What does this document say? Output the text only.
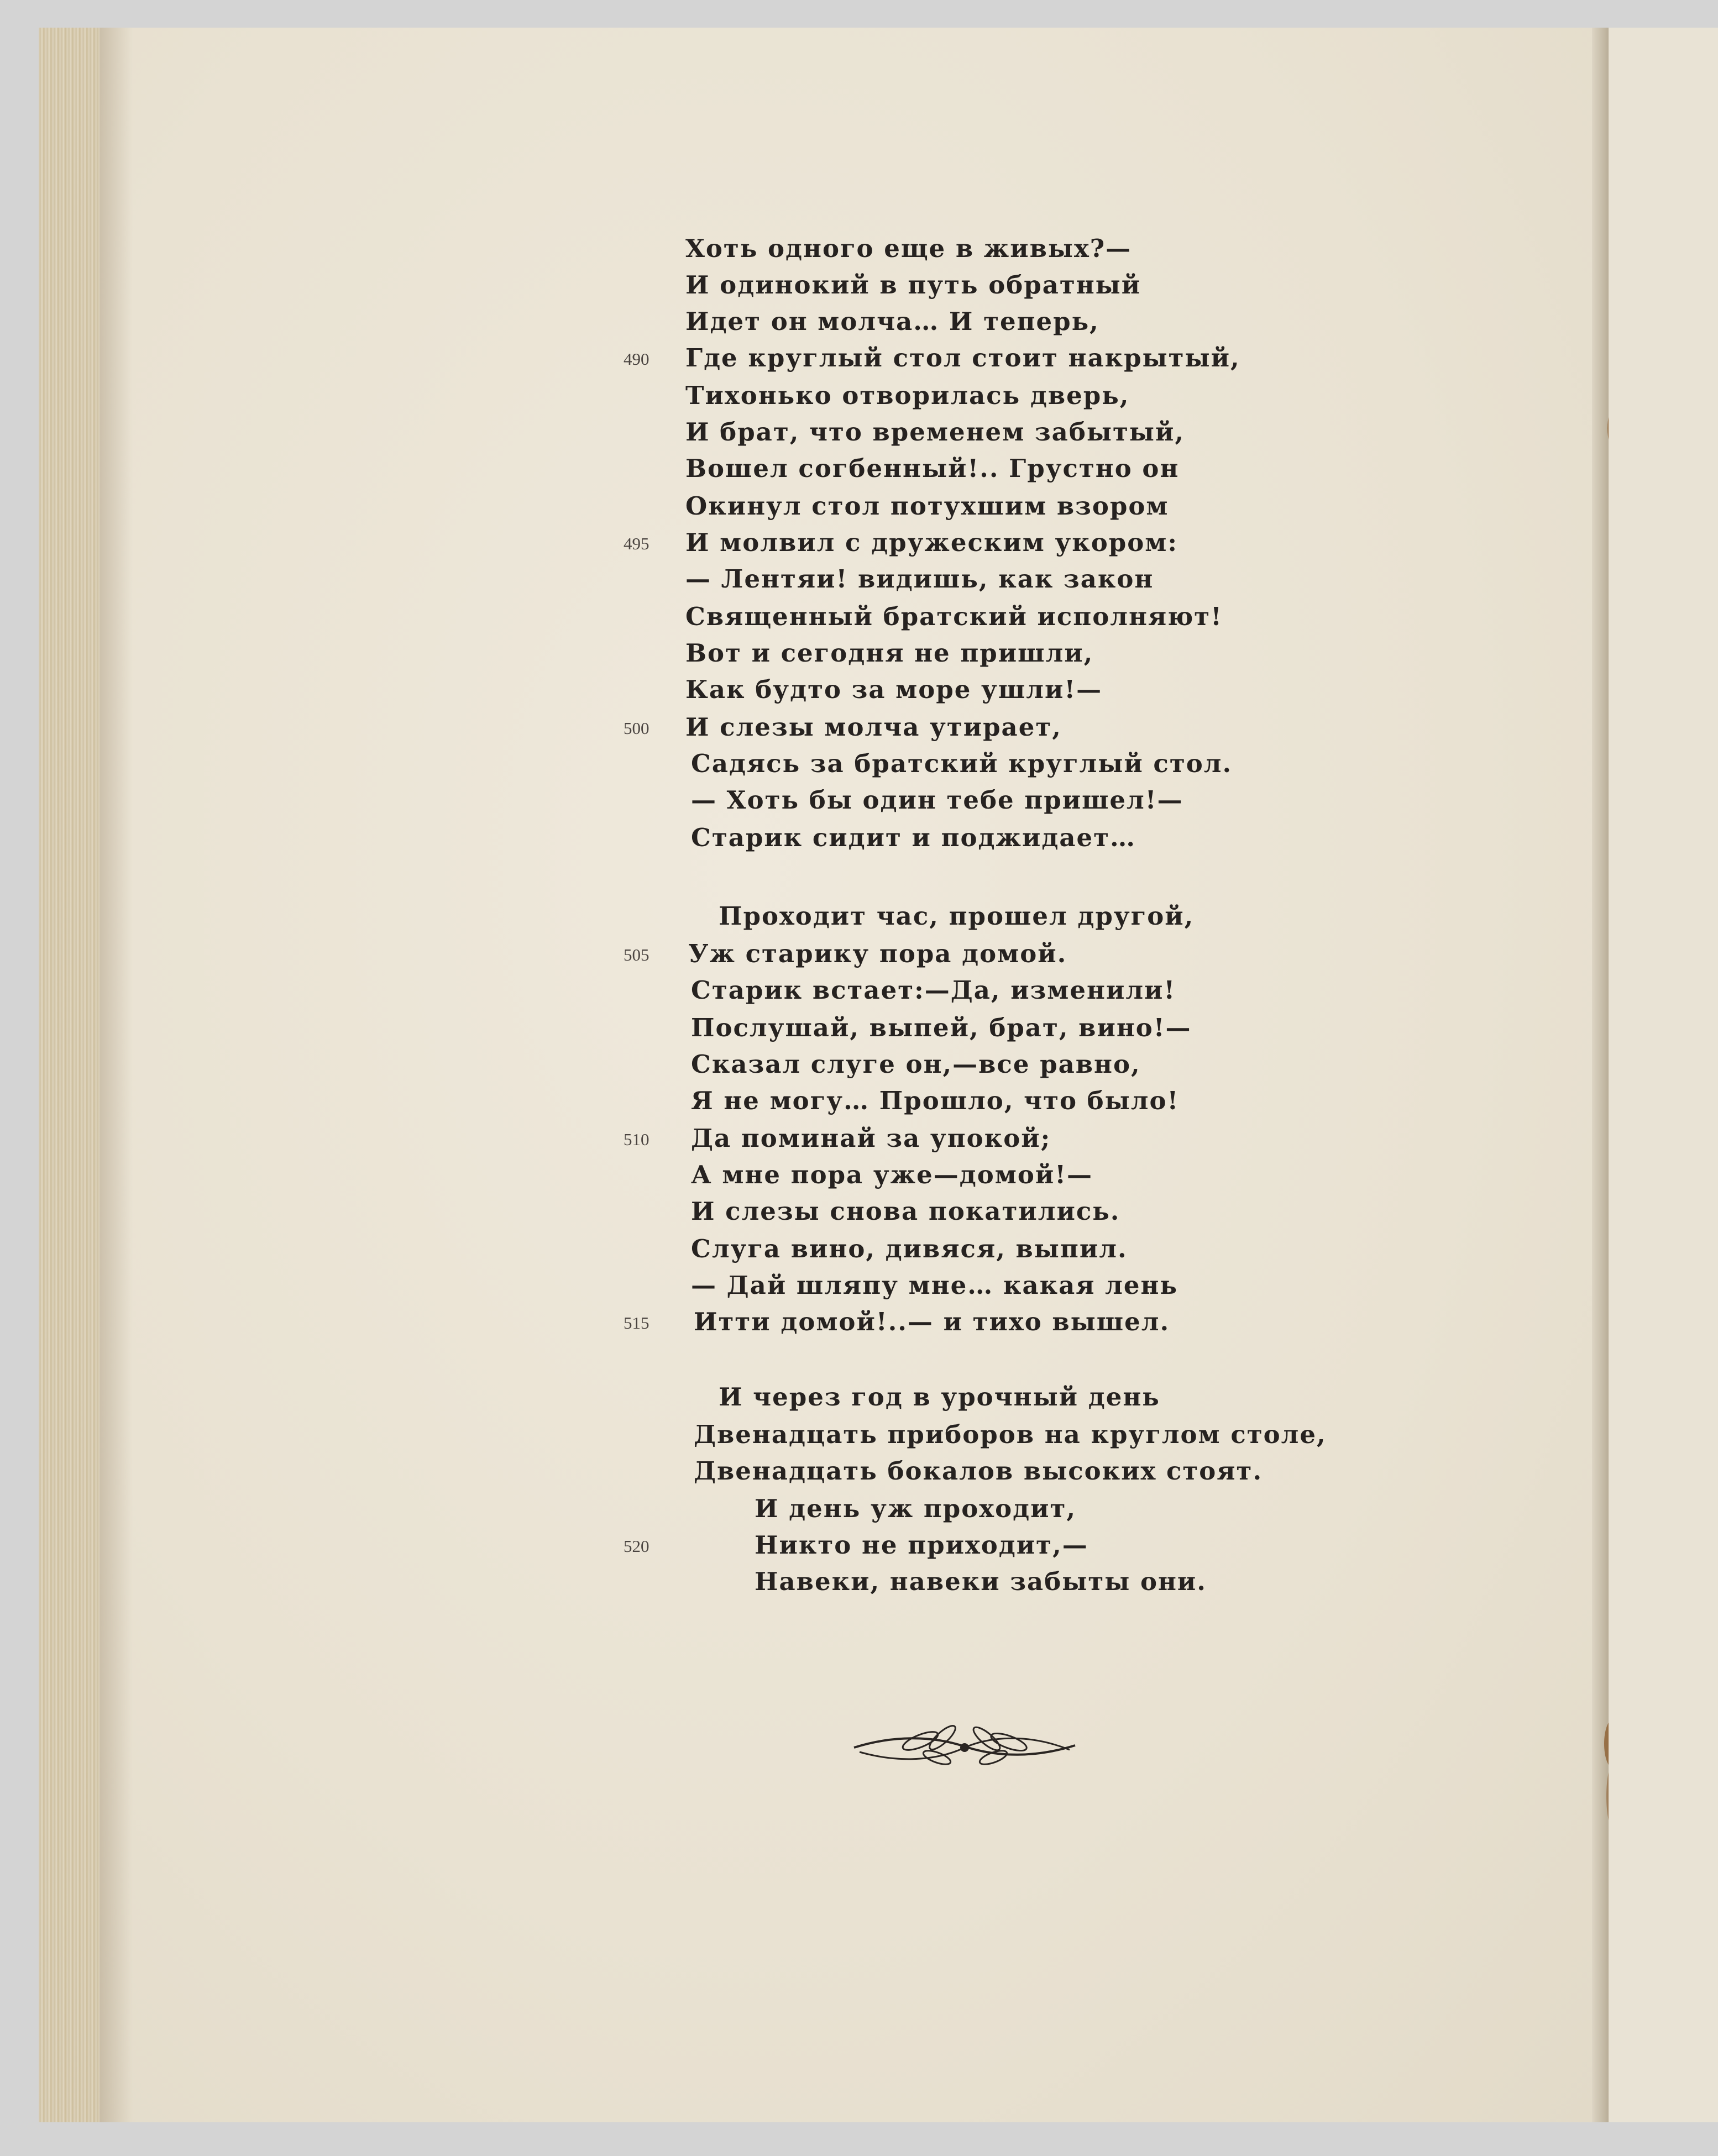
Хоть одного еще в живых?—
И одинокий в путь обратный
Идет он молча… И теперь,
490 Где круглый стол стоит накрытый,
Тихонько отворилась дверь,
И брат, что временем забытый,
Вошел согбенный!.. Грустно он
Окинул стол потухшим взором
495 И молвил с дружеским укором:
— Лентяи! видишь, как закон
Священный братский исполняют!
Вот и сегодня не пришли,
Как будто за море ушли!—
500 И слезы молча утирает,
Садясь за братский круглый стол.
— Хоть бы один тебе пришел!—
Старик сидит и поджидает…
Проходит час, прошел другой,
505 Уж старику пора домой.
Старик встает:—Да, изменили!
Послушай, выпей, брат, вино!—
Сказал слуге он,—все равно,
Я не могу… Прошло, что было!
510 Да поминай за упокой;
А мне пора уже—домой!—
И слезы снова покатились.
Слуга вино, дивяся, выпил.
— Дай шляпу мне… какая лень
515 Итти домой!..— и тихо вышел.
И через год в урочный день
Двенадцать приборов на круглом столе,
Двенадцать бокалов высоких стоят.
И день уж проходит,
520	Никто не приходит,—
Навеки, навеки забыты они.
